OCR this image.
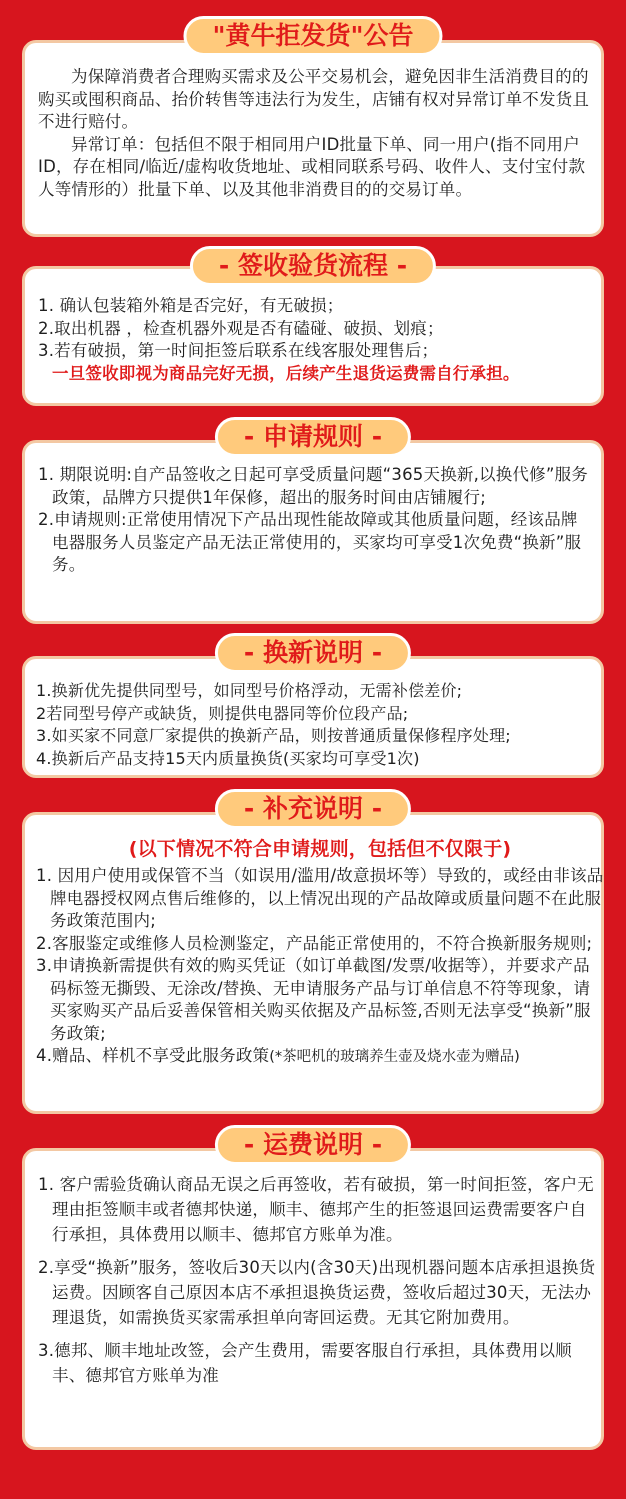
"黄牛拒发货"公告
为保障消费者合理购买需求及公平交易机会，避免因非生活消费目的的购买或囤积商品、抬价转售等违法行为发生，店铺有权对异常订单不发货且不进行赔付。
异常订单：包括但不限于相同用户ID批量下单、同一用户(指不同用户ID，存在相同/临近/虚构收货地址、或相同联系号码、收件人、支付宝付款人等情形的）批量下单、以及其他非消费目的的交易订单。
- 签收验货流程 -
1. 确认包装箱外箱是否完好，有无破损；
2.取出机器 ，检查机器外观是否有磕碰、破损、划痕；
3.若有破损，第一时间拒签后联系在线客服处理售后；
一旦签收即视为商品完好无损，后续产生退货运费需自行承担。
- 申请规则 -
1. 期限说明:自产品签收之日起可享受质量问题“365天换新,以换代修”服务政策，品牌方只提供1年保修，超出的服务时间由店铺履行;
2.申请规则:正常使用情况下产品出现性能故障或其他质量问题，经该品牌电器服务人员鉴定产品无法正常使用的，买家均可享受1次免费“换新”服务。
- 换新说明 -
1.换新优先提供同型号，如同型号价格浮动，无需补偿差价;
2若同型号停产或缺货，则提供电器同等价位段产品;
3.如买家不同意厂家提供的换新产品，则按普通质量保修程序处理;
4.换新后产品支持15天内质量换货(买家均可享受1次)
- 补充说明 -
(以下情况不符合申请规则，包括但不仅限于)
1. 因用户使用或保管不当（如误用/滥用/故意损坏等）导致的，或经由非该品牌电器授权网点售后维修的，以上情况出现的产品故障或质量问题不在此服务政策范围内;
2.客服鉴定或维修人员检测鉴定，产品能正常使用的，不符合换新服务规则;
3.申请换新需提供有效的购买凭证（如订单截图/发票/收据等），并要求产品码标签无撕毁、无涂改/替换、无申请服务产品与订单信息不符等现象，请买家购买产品后妥善保管相关购买依据及产品标签,否则无法享受“换新”服务政策;
4.赠品、样机不享受此服务政策(*茶吧机的玻璃养生壶及烧水壶为赠品)
- 运费说明 -
1. 客户需验货确认商品无误之后再签收，若有破损，第一时间拒签，客户无理由拒签顺丰或者德邦快递，顺丰、德邦产生的拒签退回运费需要客户自行承担，具体费用以顺丰、德邦官方账单为准。
2.享受“换新”服务，签收后30天以内(含30天)出现机器问题本店承担退换货运费。因顾客自己原因本店不承担退换货运费，签收后超过30天，无法办理退货，如需换货买家需承担单向寄回运费。无其它附加费用。
3.德邦、顺丰地址改签，会产生费用，需要客服自行承担，具体费用以顺丰、德邦官方账单为准
